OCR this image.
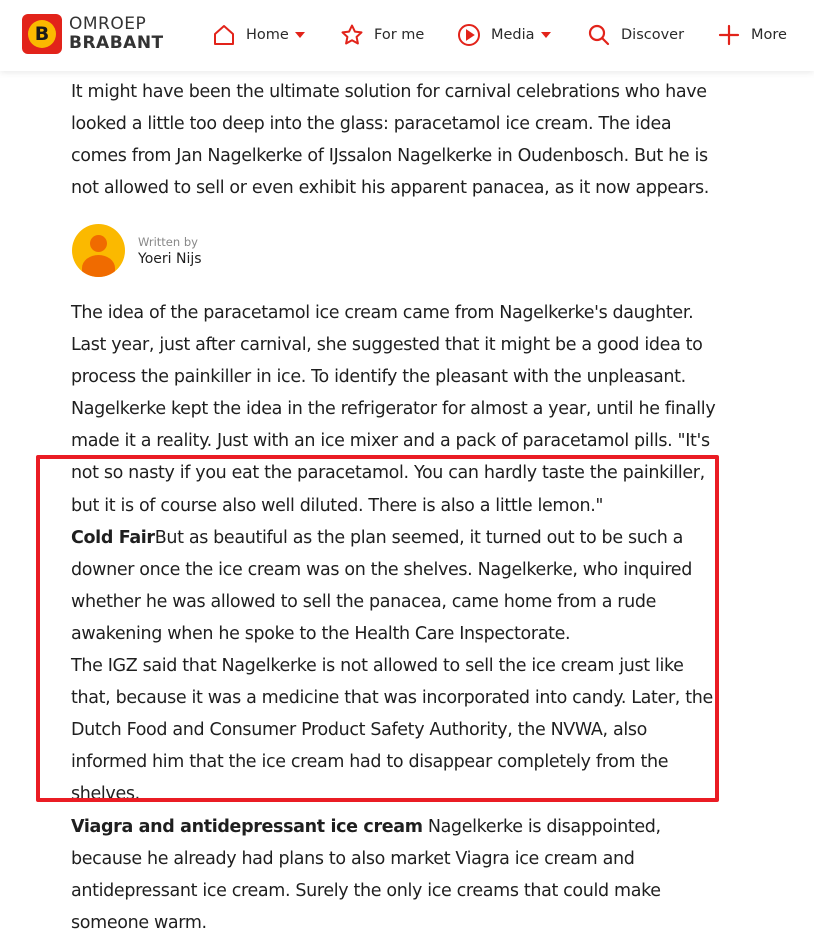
B	OMROEP
BRABANT	Home	For me	Media	Discover	More

It might have been the ultimate solution for carnival celebrations who have looked a little too deep into the glass: paracetamol ice cream. The idea comes from Jan Nagelkerke of IJssalon Nagelkerke in Oudenbosch. But he is not allowed to sell or even exhibit his apparent panacea, as it now appears.

Written by
Yoeri Nijs
The idea of the paracetamol ice cream came from Nagelkerke's daughter. Last year, just after carnival, she suggested that it might be a good idea to process the painkiller in ice. To identify the pleasant with the unpleasant. Nagelkerke kept the idea in the refrigerator for almost a year, until he finally made it a reality. Just with an ice mixer and a pack of paracetamol pills. "It's not so nasty if you eat the paracetamol. You can hardly taste the painkiller, but it is of course also well diluted. There is also a little lemon."
Cold FairBut as beautiful as the plan seemed, it turned out to be such a downer once the ice cream was on the shelves. Nagelkerke, who inquired whether he was allowed to sell the panacea, came home from a rude awakening when he spoke to the Health Care Inspectorate.
The IGZ said that Nagelkerke is not allowed to sell the ice cream just like that, because it was a medicine that was incorporated into candy. Later, the Dutch Food and Consumer Product Safety Authority, the NVWA, also informed him that the ice cream had to disappear completely from the shelves.
Viagra and antidepressant ice cream Nagelkerke is disappointed, because he already had plans to also market Viagra ice cream and antidepressant ice cream. Surely the only ice creams that could make someone warm.
